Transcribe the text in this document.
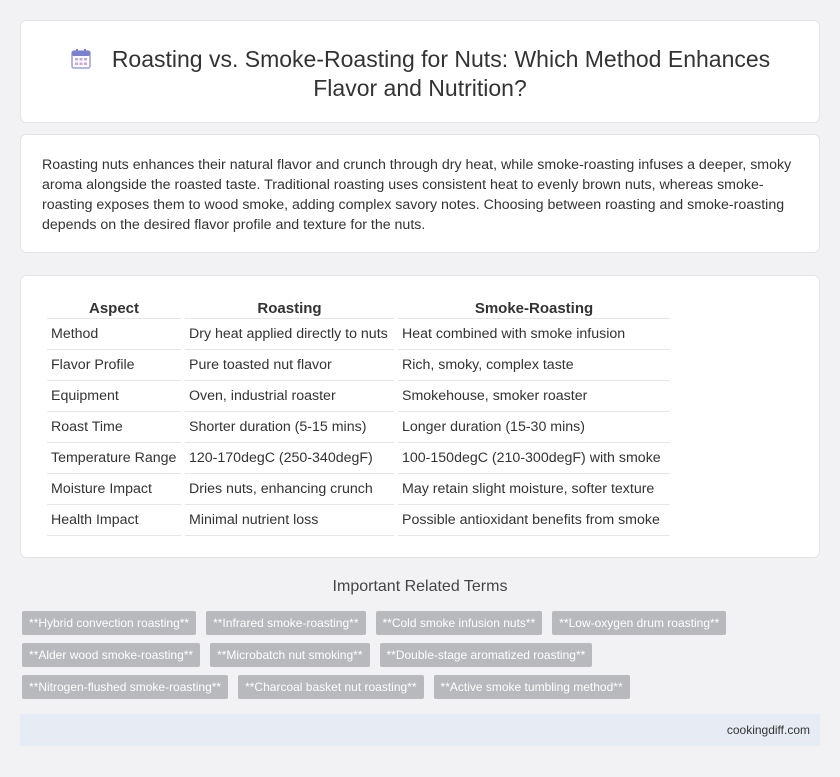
Roasting vs. Smoke-Roasting for Nuts: Which Method Enhances Flavor and Nutrition?

Roasting nuts enhances their natural flavor and crunch through dry heat, while smoke-roasting infuses a deeper, smoky aroma alongside the roasted taste. Traditional roasting uses consistent heat to evenly brown nuts, whereas smoke-roasting exposes them to wood smoke, adding complex savory notes. Choosing between roasting and smoke-roasting depends on the desired flavor profile and texture for the nuts.

Aspect	Roasting	Smoke-Roasting
Method	Dry heat applied directly to nuts	Heat combined with smoke infusion
Flavor Profile	Pure toasted nut flavor	Rich, smoky, complex taste
Equipment	Oven, industrial roaster	Smokehouse, smoker roaster
Roast Time	Shorter duration (5-15 mins)	Longer duration (15-30 mins)
Temperature Range	120-170degC (250-340degF)	100-150degC (210-300degF) with smoke
Moisture Impact	Dries nuts, enhancing crunch	May retain slight moisture, softer texture
Health Impact	Minimal nutrient loss	Possible antioxidant benefits from smoke
Important Related Terms
**Hybrid convection roasting**	**Infrared smoke-roasting**	**Cold smoke infusion nuts**	**Low-oxygen drum roasting**
**Alder wood smoke-roasting**	**Microbatch nut smoking**	**Double-stage aromatized roasting**
**Nitrogen-flushed smoke-roasting**	**Charcoal basket nut roasting**	**Active smoke tumbling method**
cookingdiff.com
